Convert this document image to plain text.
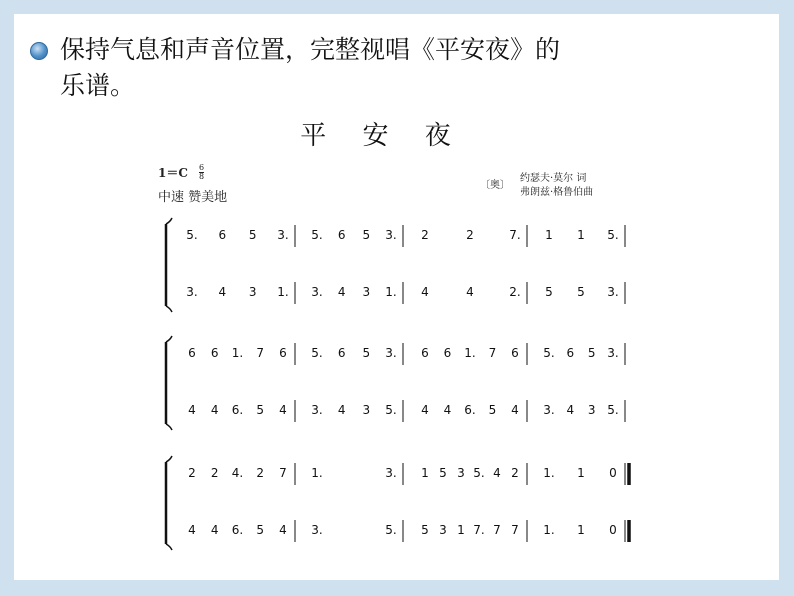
保持气息和声音位置，完整视唱《平安夜》的
乐谱。
平 安 夜
$1=C \frac{6}{8}$
中速 赞美地
〔奥〕
约瑟夫·莫尔 词
弗朗兹·格鲁伯曲
5. 6 5 3. 5. 6 5 3. 2	2	7. 1 1 5.
3. 4 3 1. 3. 4 3 1. 4	4	2. 5 5 3.
6 6 1. 7 6 5. 6 5 3. 6 6 1. 7 6 5. 6 5 3.
4 4 6. 5 4 3. 4 3 5. 4 4 6. 5 4 3. 4 3 5.
2 2 4. 2 7 1.	3. 1 5 3 5. 4 2 1. 1 0
4 4 6. 5 4 3.	5. 5 3 1 7. 7 7 1. 1 0
